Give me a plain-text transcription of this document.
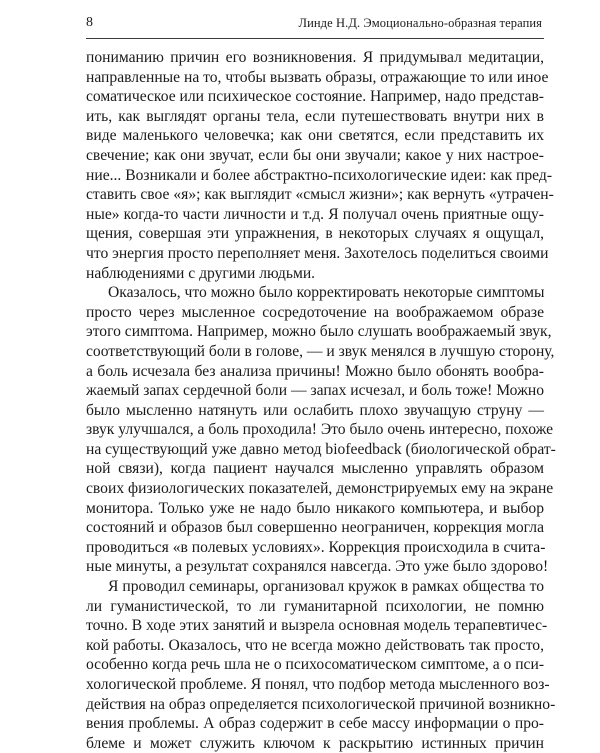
8	Линде Н.Д. Эмоционально-образная терапия
пониманию причин его возникновения. Я придумывал медитации,
направленные на то, чтобы вызвать образы, отражающие то или иное
соматическое или психическое состояние. Например, надо представ-
ить, как выглядят органы тела, если путешествовать внутри них в
виде маленького человечка; как они светятся, если представить их
свечение; как они звучат, если бы они звучали; какое у них настрое-
ние... Возникали и более абстрактно-психологические идеи: как пред-
ставить свое «я»; как выглядит «смысл жизни»; как вернуть «утрачен-
ные» когда-то части личности и т.д. Я получал очень приятные ощу-
щения, совершая эти упражнения, в некоторых случаях я ощущал,
что энергия просто переполняет меня. Захотелось поделиться своими
наблюдениями с другими людьми.
Оказалось, что можно было корректировать некоторые симптомы
просто через мысленное сосредоточение на воображаемом образе
этого симптома. Например, можно было слушать воображаемый звук,
соответствующий боли в голове, — и звук менялся в лучшую сторону,
а боль исчезала без анализа причины! Можно было обонять вообра-
жаемый запах сердечной боли — запах исчезал, и боль тоже! Можно
было мысленно натянуть или ослабить плохо звучащую струну —
звук улучшался, а боль проходила! Это было очень интересно, похоже
на существующий уже давно метод biofeedback (биологической обрат-
ной связи), когда пациент научался мысленно управлять образом
своих физиологических показателей, демонстрируемых ему на экране
монитора. Только уже не надо было никакого компьютера, и выбор
состояний и образов был совершенно неограничен, коррекция могла
проводиться «в полевых условиях». Коррекция происходила в счита-
ные минуты, а результат сохранялся навсегда. Это уже было здорово!
Я проводил семинары, организовал кружок в рамках общества то
ли гуманистической, то ли гуманитарной психологии, не помню
точно. В ходе этих занятий и вызрела основная модель терапевтичес-
кой работы. Оказалось, что не всегда можно действовать так просто,
особенно когда речь шла не о психосоматическом симптоме, а о пси-
хологической проблеме. Я понял, что подбор метода мысленного воз-
действия на образ определяется психологической причиной возникно-
вения проблемы. А образ содержит в себе массу информации о про-
блеме и может служить ключом к раскрытию истинных причин
